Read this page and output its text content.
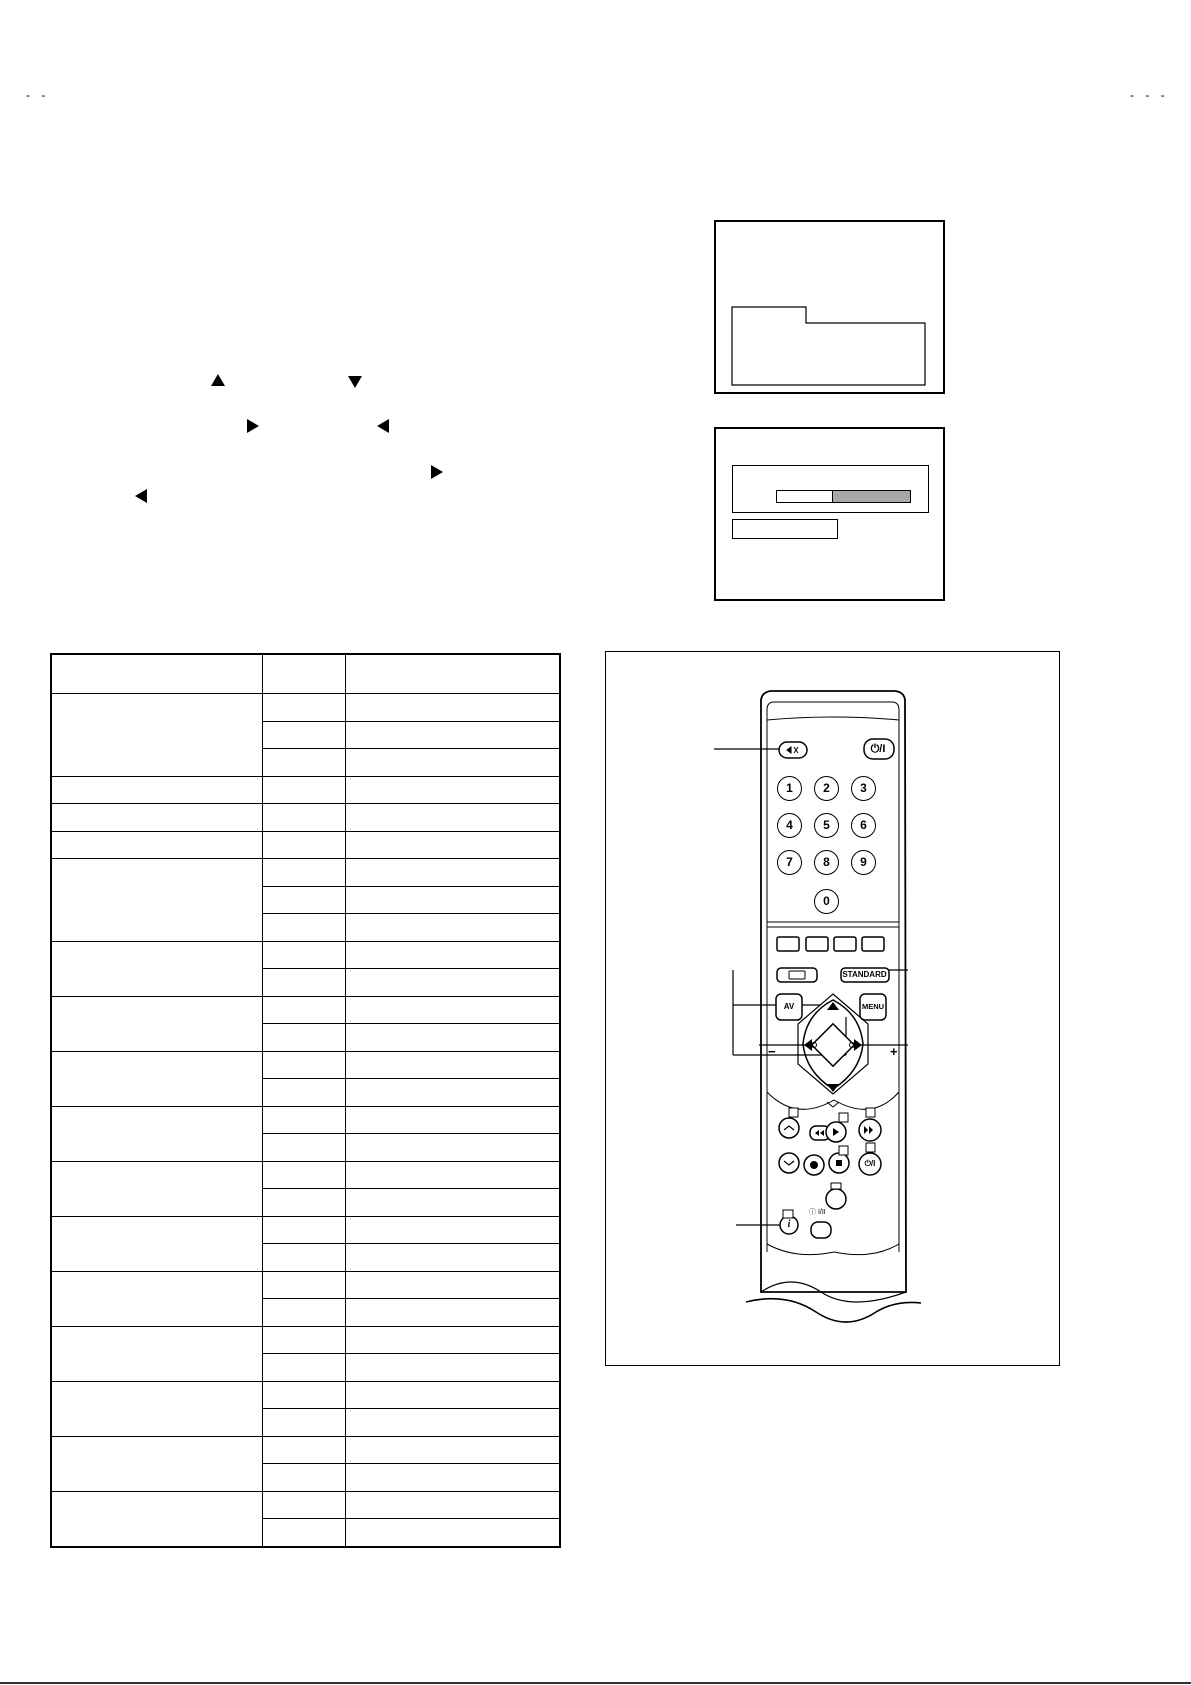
- -	- - -

⏻/I
1	2	3
4	5	6
7	8	9
0
STANDARD
AV	MENU
−	+
⏻/I
i
ⓘ I/II
